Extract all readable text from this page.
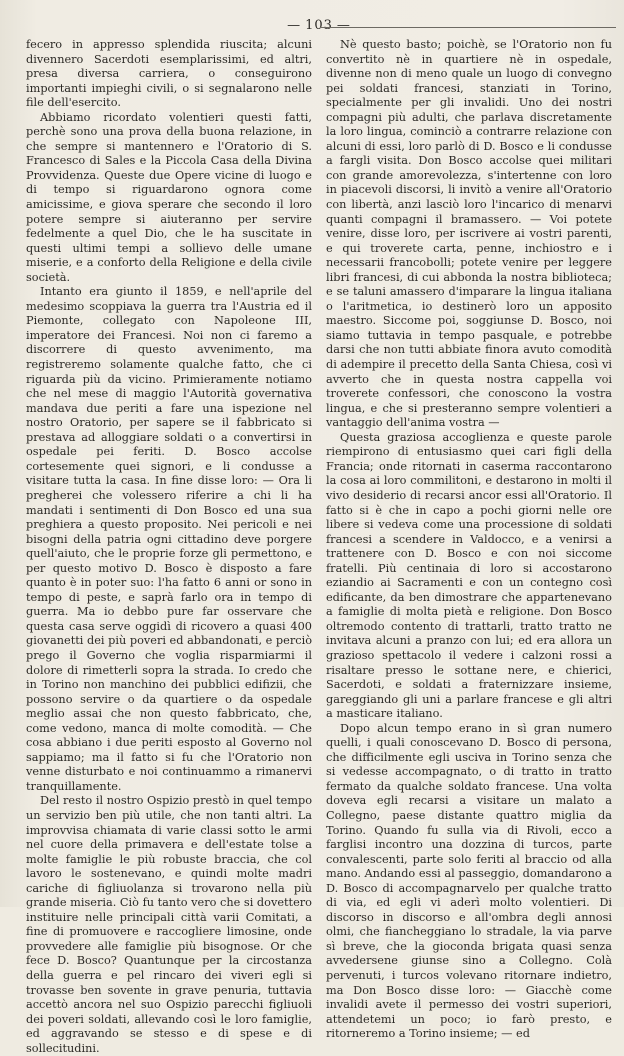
— 103 —

fecero in appresso splendida riuscita; alcuni divennero Sacerdoti esemplarissimi, ed altri, presa diversa carriera, o conseguirono importanti impieghi civili, o si segnalarono nelle file dell'esercito.

Abbiamo ricordato volentieri questi fatti, perchè sono una prova della buona relazione, in che sempre si mantennero e l'Oratorio di S. Francesco di Sales e la Piccola Casa della Divina Provvidenza. Queste due Opere vicine di luogo e di tempo si riguardarono ognora come amicissime, e giova sperare che secondo il loro potere sempre si aiuteranno per servire fedelmente a quel Dio, che le ha suscitate in questi ultimi tempi a sollievo delle umane miserie, e a conforto della Religione e della civile società.

Intanto era giunto il 1859, e nell'aprile del medesimo scoppiava la guerra tra l'Austria ed il Piemonte, collegato con Napoleone III, imperatore dei Francesi. Noi non ci faremo a discorrere di questo avvenimento, ma registreremo solamente qualche fatto, che ci riguarda più da vicino. Primieramente notiamo che nel mese di maggio l'Autorità governativa mandava due periti a fare una ispezione nel nostro Oratorio, per sapere se il fabbricato si prestava ad alloggiare soldati o a convertirsi in ospedale pei feriti. D. Bosco accolse cortesemente quei signori, e li condusse a visitare tutta la casa. In fine disse loro: — Ora li pregherei che volessero riferire a chi li ha mandati i sentimenti di Don Bosco ed una sua preghiera a questo proposito. Nei pericoli e nei bisogni della patria ogni cittadino deve porgere quell'aiuto, che le proprie forze gli permettono, e per questo motivo D. Bosco è disposto a fare quanto è in poter suo: l'ha fatto 6 anni or sono in tempo di peste, e saprà farlo ora in tempo di guerra. Ma io debbo pure far osservare che questa casa serve oggidì di ricovero a quasi 400 giovanetti dei più poveri ed abbandonati, e perciò prego il Governo che voglia risparmiarmi il dolore di rimetterli sopra la strada. Io credo che in Torino non manchino dei pubblici edifizii, che possono servire o da quartiere o da ospedale meglio assai che non questo fabbricato, che, come vedono, manca di molte comodità. — Che cosa abbiano i due periti esposto al Governo nol sappiamo; ma il fatto si fu che l'Oratorio non venne disturbato e noi continuammo a rimanervi tranquillamente.

Del resto il nostro Ospizio prestò in quel tempo un servizio ben più utile, che non tanti altri. La improvvisa chiamata di varie classi sotto le armi nel cuore della primavera e dell'estate tolse a molte famiglie le più robuste braccia, che col lavoro le sostenevano, e quindi molte madri cariche di figliuolanza si trovarono nella più grande miseria. Ciò fu tanto vero che si dovettero instituire nelle principali città varii Comitati, a fine di promuovere e raccogliere limosine, onde provvedere alle famiglie più bisognose. Or che fece D. Bosco? Quantunque per la circostanza della guerra e pel rincaro dei viveri egli si trovasse ben sovente in grave penuria, tuttavia accettò ancora nel suo Ospizio parecchi figliuoli dei poveri soldati, allevando così le loro famiglie, ed aggravando se stesso e di spese e di sollecitudini.

Nè questo basto; poichè, se l'Oratorio non fu convertito nè in quartiere nè in ospedale, divenne non di meno quale un luogo di convegno pei soldati francesi, stanziati in Torino, specialmente per gli invalidi. Uno dei nostri compagni più adulti, che parlava discretamente la loro lingua, cominciò a contrarre relazione con alcuni di essi, loro parlò di D. Bosco e li condusse a fargli visita. Don Bosco accolse quei militari con grande amorevolezza, s'intertenne con loro in piacevoli discorsi, li invitò a venire all'Oratorio con libertà, anzi lasciò loro l'incarico di menarvi quanti compagni il bramassero. — Voi potete venire, disse loro, per iscrivere ai vostri parenti, e qui troverete carta, penne, inchiostro e i necessarii francobolli; potete venire per leggere libri francesi, di cui abbonda la nostra biblioteca; e se taluni amassero d'imparare la lingua italiana o l'aritmetica, io destinerò loro un apposito maestro. Siccome poi, soggiunse D. Bosco, noi siamo tuttavia in tempo pasquale, e potrebbe darsi che non tutti abbiate finora avuto comodità di adempire il precetto della Santa Chiesa, così vi avverto che in questa nostra cappella voi troverete confessori, che conoscono la vostra lingua, e che si presteranno sempre volentieri a vantaggio dell'anima vostra —

Questa graziosa accoglienza e queste parole riempirono di entusiasmo quei cari figli della Francia; onde ritornati in caserma raccontarono la cosa ai loro commilitoni, e destarono in molti il vivo desiderio di recarsi ancor essi all'Oratorio. Il fatto si è che in capo a pochi giorni nelle ore libere si vedeva come una processione di soldati francesi a scendere in Valdocco, e a venirsi a trattenere con D. Bosco e con noi siccome fratelli. Più centinaia di loro si accostarono eziandio ai Sacramenti e con un contegno così edificante, da ben dimostrare che appartenevano a famiglie di molta pietà e religione. Don Bosco oltremodo contento di trattarli, tratto tratto ne invitava alcuni a pranzo con lui; ed era allora un grazioso spettacolo il vedere i calzoni rossi a risaltare presso le sottane nere, e chierici, Sacerdoti, e soldati a fraternizzare insieme, gareggiando gli uni a parlare francese e gli altri a masticare italiano.

Dopo alcun tempo erano in sì gran numero quelli, i quali conoscevano D. Bosco di persona, che difficilmente egli usciva in Torino senza che si vedesse accompagnato, o di tratto in tratto fermato da qualche soldato francese. Una volta doveva egli recarsi a visitare un malato a Collegno, paese distante quattro miglia da Torino. Quando fu sulla via di Rivoli, ecco a farglisi incontro una dozzina di turcos, parte convalescenti, parte solo feriti al braccio od alla mano. Andando essi al passeggio, domandarono a D. Bosco di accompagnarvelo per qualche tratto di via, ed egli vi aderì molto volentieri. Di discorso in discorso e all'ombra degli annosi olmi, che fiancheggiano lo stradale, la via parve sì breve, che la gioconda brigata quasi senza avvedersene giunse sino a Collegno. Colà pervenuti, i turcos volevano ritornare indietro, ma Don Bosco disse loro: — Giacchè come invalidi avete il permesso dei vostri superiori, attendetemi un poco; io farò presto, e ritorneremo a Torino insieme; — ed
